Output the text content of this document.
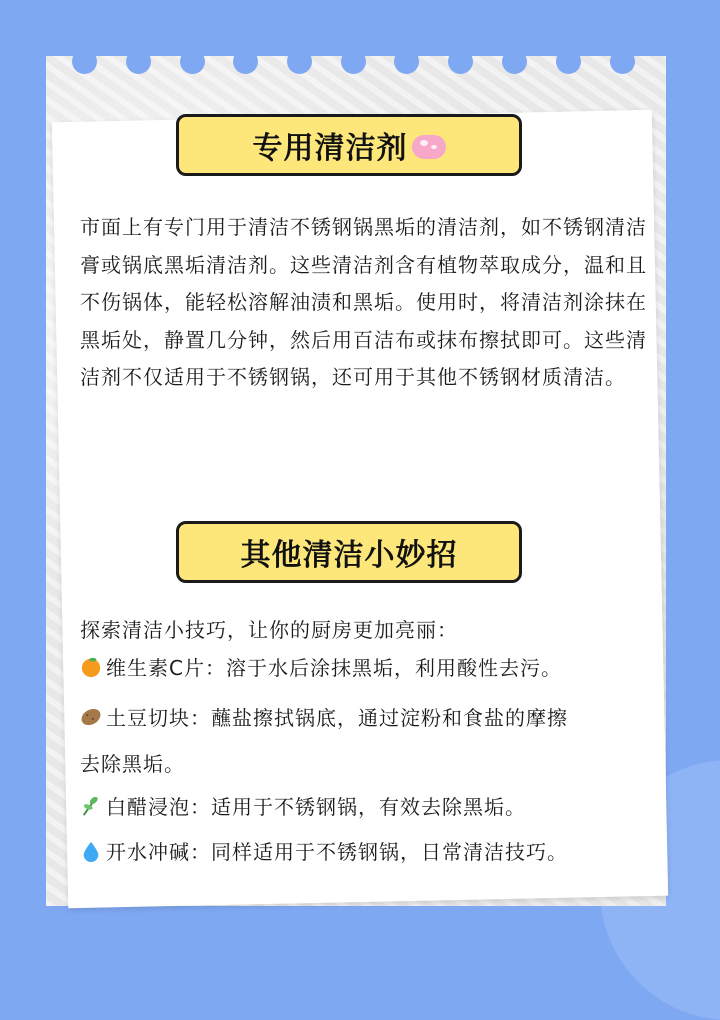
专用清洁剂

市面上有专门用于清洁不锈钢锅黑垢的清洁剂，如不锈钢清洁膏或锅底黑垢清洁剂。这些清洁剂含有植物萃取成分，温和且不伤锅体，能轻松溶解油渍和黑垢。使用时，将清洁剂涂抹在黑垢处，静置几分钟，然后用百洁布或抹布擦拭即可。这些清洁剂不仅适用于不锈钢锅，还可用于其他不锈钢材质清洁。

其他清洁小妙招
探索清洁小技巧，让你的厨房更加亮丽：
维生素C片：溶于水后涂抹黑垢，利用酸性去污。
土豆切块：蘸盐擦拭锅底，通过淀粉和食盐的摩擦
去除黑垢。
白醋浸泡：适用于不锈钢锅，有效去除黑垢。
开水冲碱：同样适用于不锈钢锅，日常清洁技巧。
